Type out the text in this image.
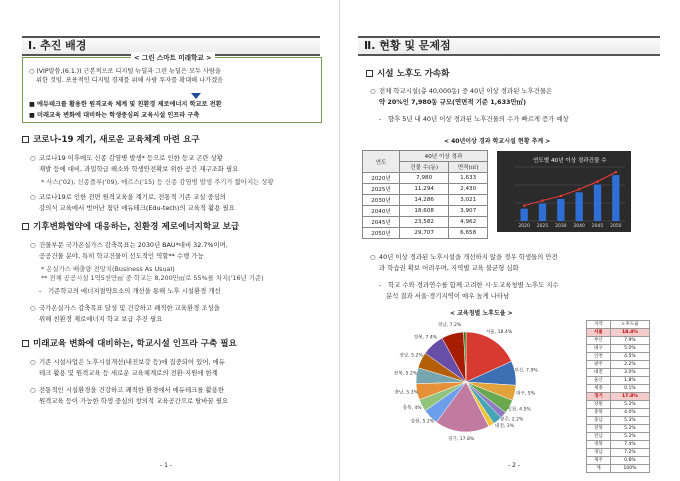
Ⅰ. 추진 배경
< 그린 스마트 미래학교 >
○ (VIP말씀,(6.1.)) 근본적으로 디지털 뉴딜과 그린 뉴딜은 모두 사람을
위한 것임. 포용적인 디지털 경제를 위해 사람 투자를 확대해 나가겠음
■ 에듀테크를 활용한 원격교육 체계 및 친환경 제로에너지 학교로 전환
■ 미래교육 변화에 대비하는 학생중심의 교육시설 인프라 구축
코로나-19 계기, 새로운 교육체계 마련 요구
○ 코로나19 이후에도 신종 감염병 발생* 등으로 인한 등교 곤란 상황
재발 등에 대비, 과밀학급 해소와 학생안전확보 위한 공간 재구조화 필요
* 사스('02), 신종플루('09), 메르스('15) 등 신종 감염병 발생 주기가 짧아지는 상황
○ 코로나19로 인한 전면 원격교육을 계기로, 전통적 기존 교실 중심의
강의식 교육에서 벗어난 첨단 에듀테크(Edu-tech)의 교육적 활용 필요
기후변화협약에 대응하는, 친환경 제로에너지학교 보급
○ 건물부문 국가온실가스 감축목표는 2030년 BAU*대비 32.7%이며,
공공건물 분야, 특히 학교건물이 선도적인 역할** 수행 가능
* 온실가스 배출량 전망치(Business As Usual)
** 전체 공공시설 1억5천만㎡ 중 학교는 8,200만㎡로 55%를 차지('16년 기준)
- 기존학교의 에너지절약요소의 개선을 통해 노후 시설환경 개선
○ 국가온실가스 감축목표 달성 및 건강하고 쾌적한 교육환경 조성을
위해 친환경 제로에너지 학교 보급 추진 필요
미래교육 변화에 대비하는, 학교시설 인프라 구축 필요
○ 기존 시설사업은 노후시설개선(내진보강 등)에 집중되어 있어, 에듀
테크 활용 및 원격교육 등 새로운 교육체계로의 전환·지원에 한계
○ 전통적인 시설환경을 건강하고 쾌적한 환경에서 에듀테크를 활용한
원격교육 등이 가능한 학생 중심의 창의적 교육공간으로 탈바꿈 필요
- 1 -
Ⅱ. 현황 및 문제점
시설 노후도 가속화
○ 전체 학교시설(총 40,000동) 중 40년 이상 경과된 노후건물은
약 20%인 7,980동 규모(연면적 기준 1,633만㎡)
- 향후 5년 내 40년 이상 경과된 노후건물의 수가 빠르게 증가 예상
< 40년이상 경과 학교시설 현황 추계 >
연도	40년 이상 경과	
	건물 수(동)	면적(㎡)
2020년	7,980	1,633
2025년	11,294	2,430
2030년	14,286	3,021
2040년	18,608	3,907
2045년	23,582	4,962
2050년	29,707	6,658
연도별 40년 이상 경과건물 수
2020 2025 2030 2040 2045 2050
○ 40년 이상 경과된 노후시설을 개선하지 않을 경우 학생들의 안전
과 학습권 확보 어려우며, 지역별 교육 불균형 심화
- 학교 수와 경과연수를 함께 고려한 시·도교육청별 노후도 지수
분석 결과 서울·경기지역이 매우 높게 나타남
< 교육청별 노후도율 >
서울, 18.4%
부산, 7.9%
대구, 5%
인천, 4.5%
광주, 2.2%
대전, 3%
경기, 17.8%
강원, 5.2%
충북, 4%
충남, 5.3%
전북, 5.2%
전남, 5.2%
경북, 7.4%
경남, 7.2%	지역	노후도율
서울	18.4%
부산	7.9%
대구	5.0%
인천	4.5%
광주	2.2%
대전	3.0%
울산	1.8%
세종	0.1%
경기	17.8%
강원	5.2%
충북	4.0%
충남	5.3%
전북	5.2%
전남	5.2%
경북	7.4%
경남	7.2%
제주	0.8%
계	100%
- 2 -
